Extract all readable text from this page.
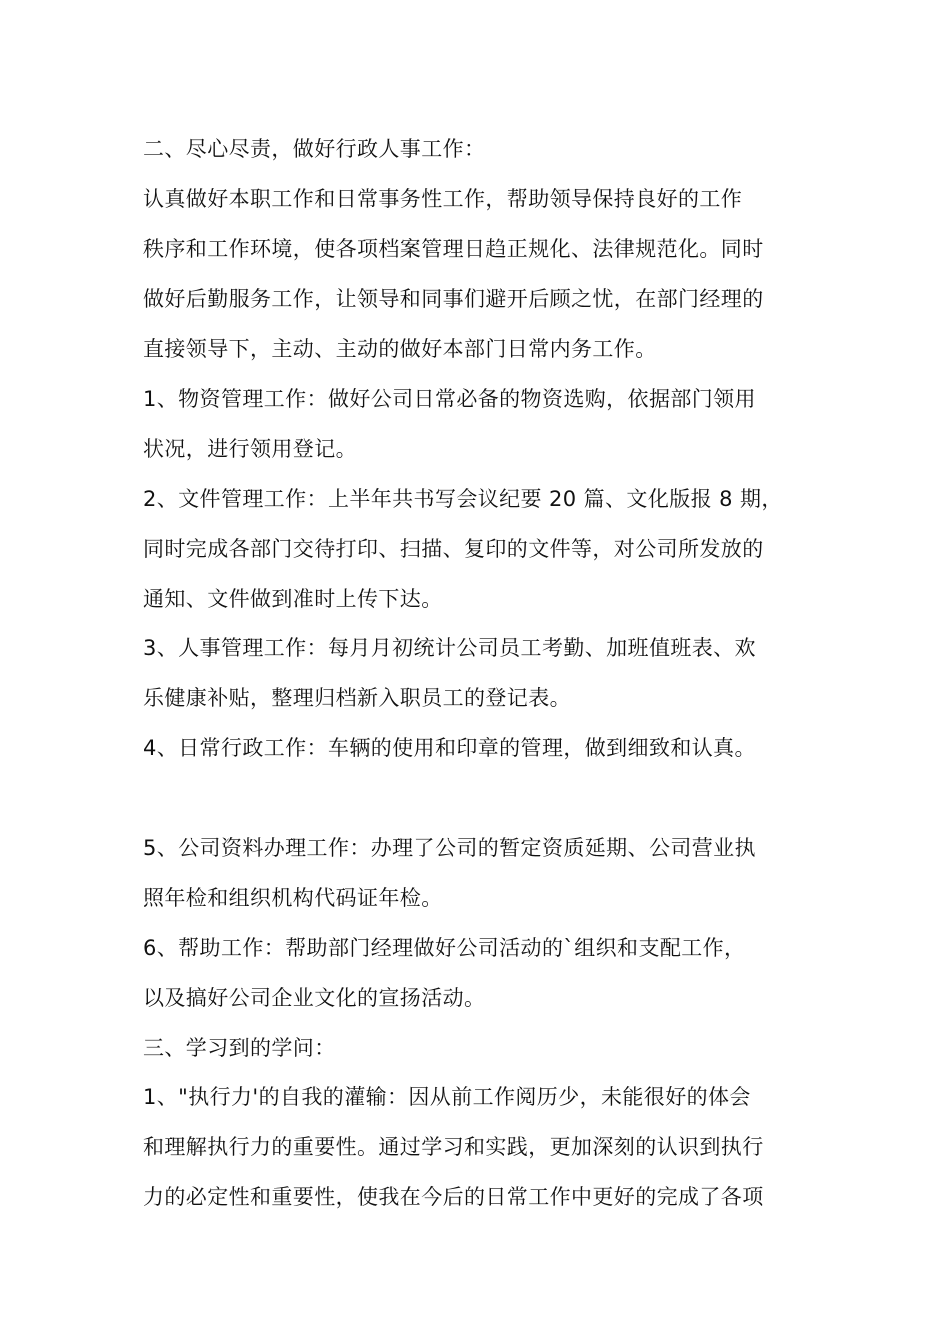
二、尽心尽责，做好行政人事工作：
认真做好本职工作和日常事务性工作，帮助领导保持良好的工作
秩序和工作环境，使各项档案管理日趋正规化、法律规范化。同时
做好后勤服务工作，让领导和同事们避开后顾之忧，在部门经理的
直接领导下，主动、主动的做好本部门日常内务工作。
1、物资管理工作：做好公司日常必备的物资选购，依据部门领用
状况，进行领用登记。
2、文件管理工作：上半年共书写会议纪要 20 篇、文化版报 8 期，
同时完成各部门交待打印、扫描、复印的文件等，对公司所发放的
通知、文件做到准时上传下达。
3、人事管理工作：每月月初统计公司员工考勤、加班值班表、欢
乐健康补贴，整理归档新入职员工的登记表。
4、日常行政工作：车辆的使用和印章的管理，做到细致和认真。
5、公司资料办理工作：办理了公司的暂定资质延期、公司营业执
照年检和组织机构代码证年检。
6、帮助工作：帮助部门经理做好公司活动的`组织和支配工作，
以及搞好公司企业文化的宣扬活动。
三、学习到的学问：
1、"执行力'的自我的灌输：因从前工作阅历少，未能很好的体会
和理解执行力的重要性。通过学习和实践，更加深刻的认识到执行
力的必定性和重要性，使我在今后的日常工作中更好的完成了各项
